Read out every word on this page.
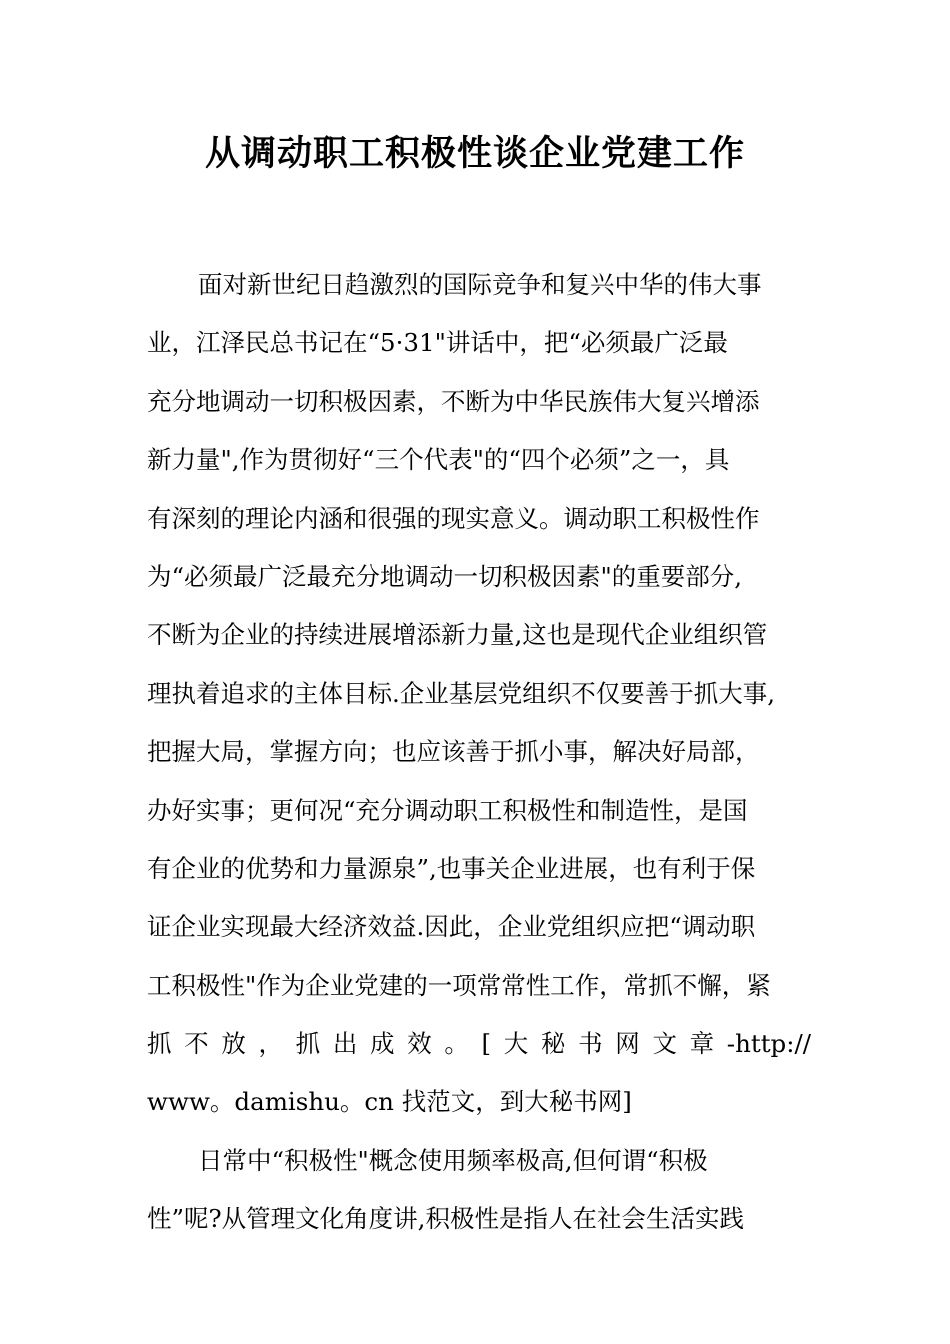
从调动职工积极性谈企业党建工作
面对新世纪日趋激烈的国际竞争和复兴中华的伟大事
业，江泽民总书记在“5·31"讲话中，把“必须最广泛最
充分地调动一切积极因素，不断为中华民族伟大复兴增添
新力量",作为贯彻好“三个代表"的“四个必须”之一，具
有深刻的理论内涵和很强的现实意义。调动职工积极性作
为“必须最广泛最充分地调动一切积极因素"的重要部分,
不断为企业的持续进展增添新力量,这也是现代企业组织管
理执着追求的主体目标.企业基层党组织不仅要善于抓大事,
把握大局，掌握方向；也应该善于抓小事，解决好局部，
办好实事；更何况“充分调动职工积极性和制造性，是国
有企业的优势和力量源泉”,也事关企业进展，也有利于保
证企业实现最大经济效益.因此，企业党组织应把“调动职
工积极性"作为企业党建的一项常常性工作，常抓不懈，紧
抓不放，抓出成效。[大秘书网文章-http://
www。damishu。cn 找范文，到大秘书网]
日常中“积极性"概念使用频率极高,但何谓“积极
性”呢?从管理文化角度讲,积极性是指人在社会生活实践
